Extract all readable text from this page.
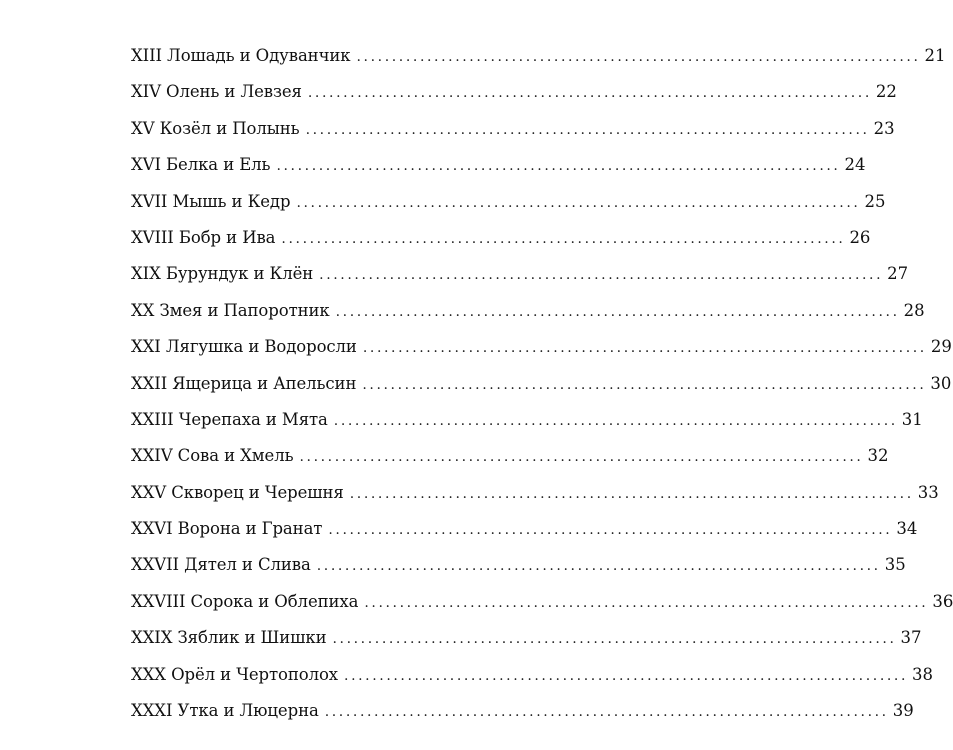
XIII Лошадь и Одуванчик ................................................................................ 21
XIV Олень и Левзея ................................................................................ 22
XV Козёл и Полынь ................................................................................ 23
XVI Белка и Ель ................................................................................ 24
XVII Мышь и Кедр ................................................................................ 25
XVIII Бобр и Ива ................................................................................ 26
XIX Бурундук и Клён ................................................................................ 27
XX Змея и Папоротник ................................................................................ 28
XXI Лягушка и Водоросли ................................................................................ 29
XXII Ящерица и Апельсин ................................................................................ 30
XXIII Черепаха и Мята ................................................................................ 31
XXIV Сова и Хмель ................................................................................ 32
XXV Скворец и Черешня ................................................................................ 33
XXVI Ворона и Гранат ................................................................................ 34
XXVII Дятел и Слива ................................................................................ 35
XXVIII Сорока и Облепиха ................................................................................ 36
XXIX Зяблик и Шишки ................................................................................ 37
XXX Орёл и Чертополох ................................................................................ 38
XXXI Утка и Люцерна ................................................................................ 39
